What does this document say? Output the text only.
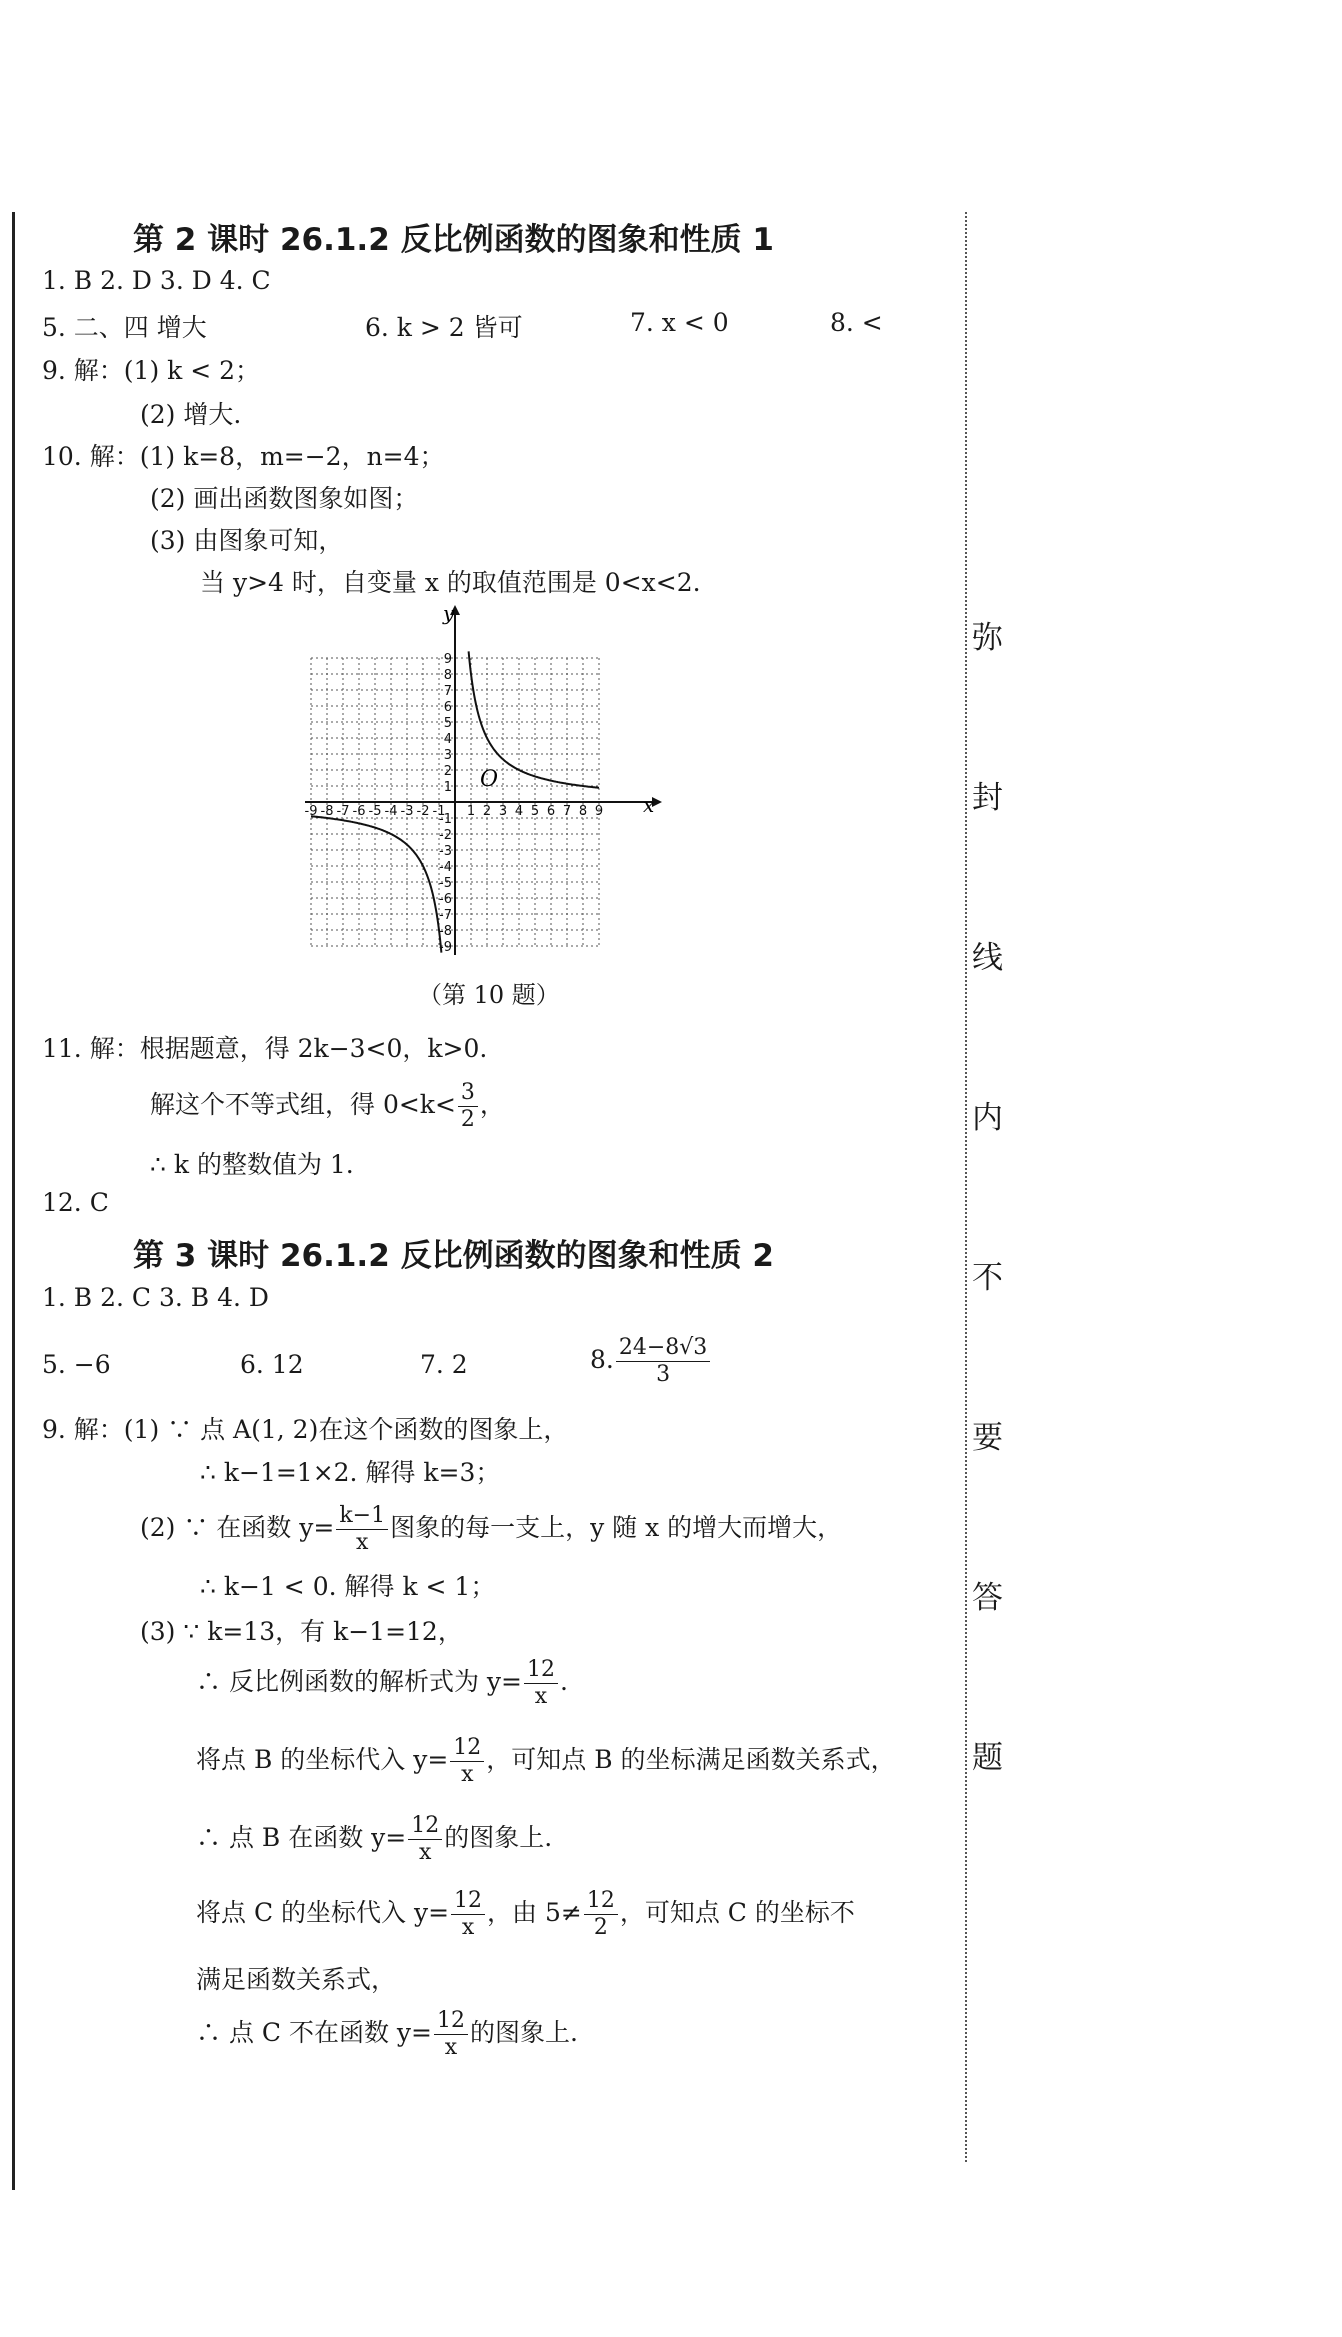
第 2 课时 26.1.2 反比例函数的图象和性质 1
1. B 2. D 3. D 4. C
5. 二、四 增大	6. k > 2 皆可	7. x < 0	8. <
9. 解：(1) k < 2；
(2) 增大.
10. 解：(1) k=8，m=−2，n=4；
(2) 画出函数图象如图；
(3) 由图象可知，
当 y>4 时，自变量 x 的取值范围是 0<x<2.
y
x
O
-9 -8 -7 -6 -5 -4 -3 -2 -1 1 2 3 4 5 6 7 8 9
9
8
7
6
5
4
3
2
1
-1
-2
-3
-4
-5
-6
-7
-8
-9
（第 10 题）
11. 解：根据题意，得 2k−3<0，k>0.
解这个不等式组，得 $0<k< \frac{3}{2}$ ，
∴ k 的整数值为 1.
12. C
第 3 课时 26.1.2 反比例函数的图象和性质 2
1. B 2. C 3. B 4. D
5. −6	6. 12	7. 2	8. $\frac{24-8√3}{3}$
9. 解：(1) ∵ 点 A(1, 2)在这个函数的图象上，
∴ k−1=1×2. 解得 k=3；
(2) ∵ 在函数 $y= \frac{k-1}{x}$ 图象的每一支上，y 随 x 的增大而增大，
∴ k−1 < 0. 解得 k < 1；
(3) ∵ k=13，有 k−1=12，
∴ 反比例函数的解析式为 $y= \frac{12}{x}$ .
将点 B 的坐标代入 $y= \frac{12}{x}$ ，可知点 B 的坐标满足函数关系式，
∴ 点 B 在函数 $y= \frac{12}{x}$ 的图象上.
将点 C 的坐标代入 $y= \frac{12}{x}$ ，由 $5\ne \frac{12}{2}$ ，可知点 C 的坐标不
满足函数关系式，
∴ 点 C 不在函数 $y= \frac{12}{x}$ 的图象上.
弥
封
线
内
不
要
答
题
